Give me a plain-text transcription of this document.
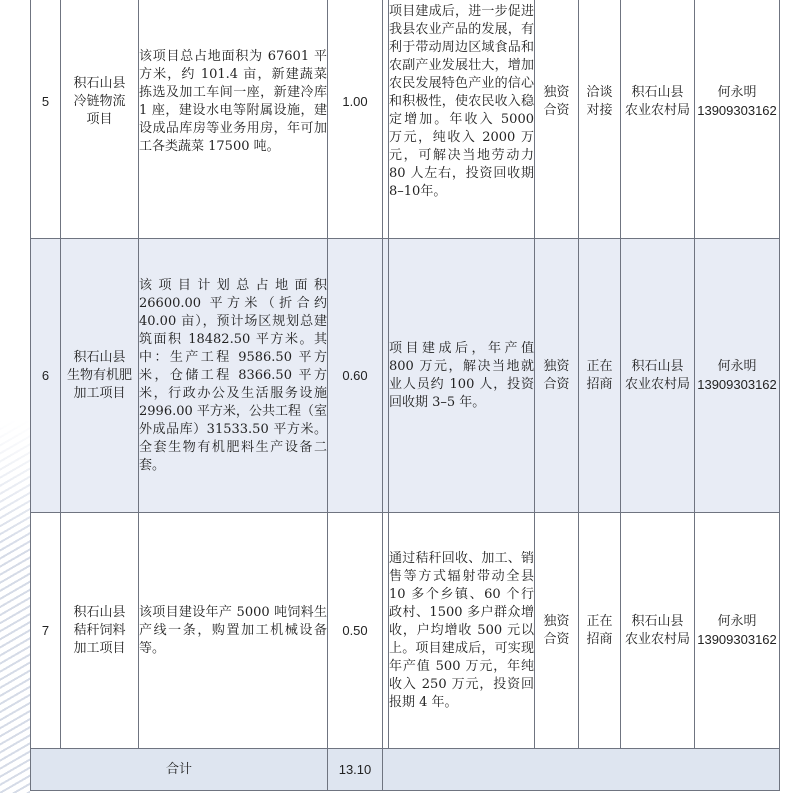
5	积石山县
冷链物流
项目	该项目总占地面积为 67601 平方米，约 101.4 亩，新建蔬菜拣选及加工车间一座，新建冷库 1 座，建设水电等附属设施，建设成品库房等业务用房，年可加工各类蔬菜 17500 吨。	1.00		项目建成后，进一步促进我县农业产品的发展，有利于带动周边区域食品和农副产业发展壮大，增加农民发展特色产业的信心和积极性，使农民收入稳定增加。年收入 5000 万元，纯收入 2000 万元，可解决当地劳动力 80 人左右，投资回收期 8–10年。	独资合资	洽谈对接	积石山县
农业农村局	何永明
13909303162

6	积石山县
生物有机肥
加工项目	该项目计划总占地面积 26600.00 平方米（折合约 40.00 亩），预计场区规划总建筑面积 18482.50 平方米。其中：生产工程 9586.50 平方米，仓储工程 8366.50 平方米，行政办公及生活服务设施 2996.00 平方米，公共工程（室外成品库）31533.50 平方米。全套生物有机肥料生产设备二套。	0.60		项目建成后，年产值 800 万元，解决当地就业人员约 100 人，投资回收期 3–5 年。	独资合资	正在招商	积石山县
农业农村局	何永明
13909303162

7	积石山县
秸秆饲料
加工项目	该项目建设年产 5000 吨饲料生产线一条，购置加工机械设备等。	0.50		通过秸秆回收、加工、销售等方式辐射带动全县 10 多个乡镇、60 个行政村、1500 多户群众增收，户均增收 500 元以上。项目建成后，可实现年产值 500 万元，年纯收入 250 万元，投资回报期 4 年。	独资合资	正在招商	积石山县
农业农村局	何永明
13909303162

合计			13.10						
